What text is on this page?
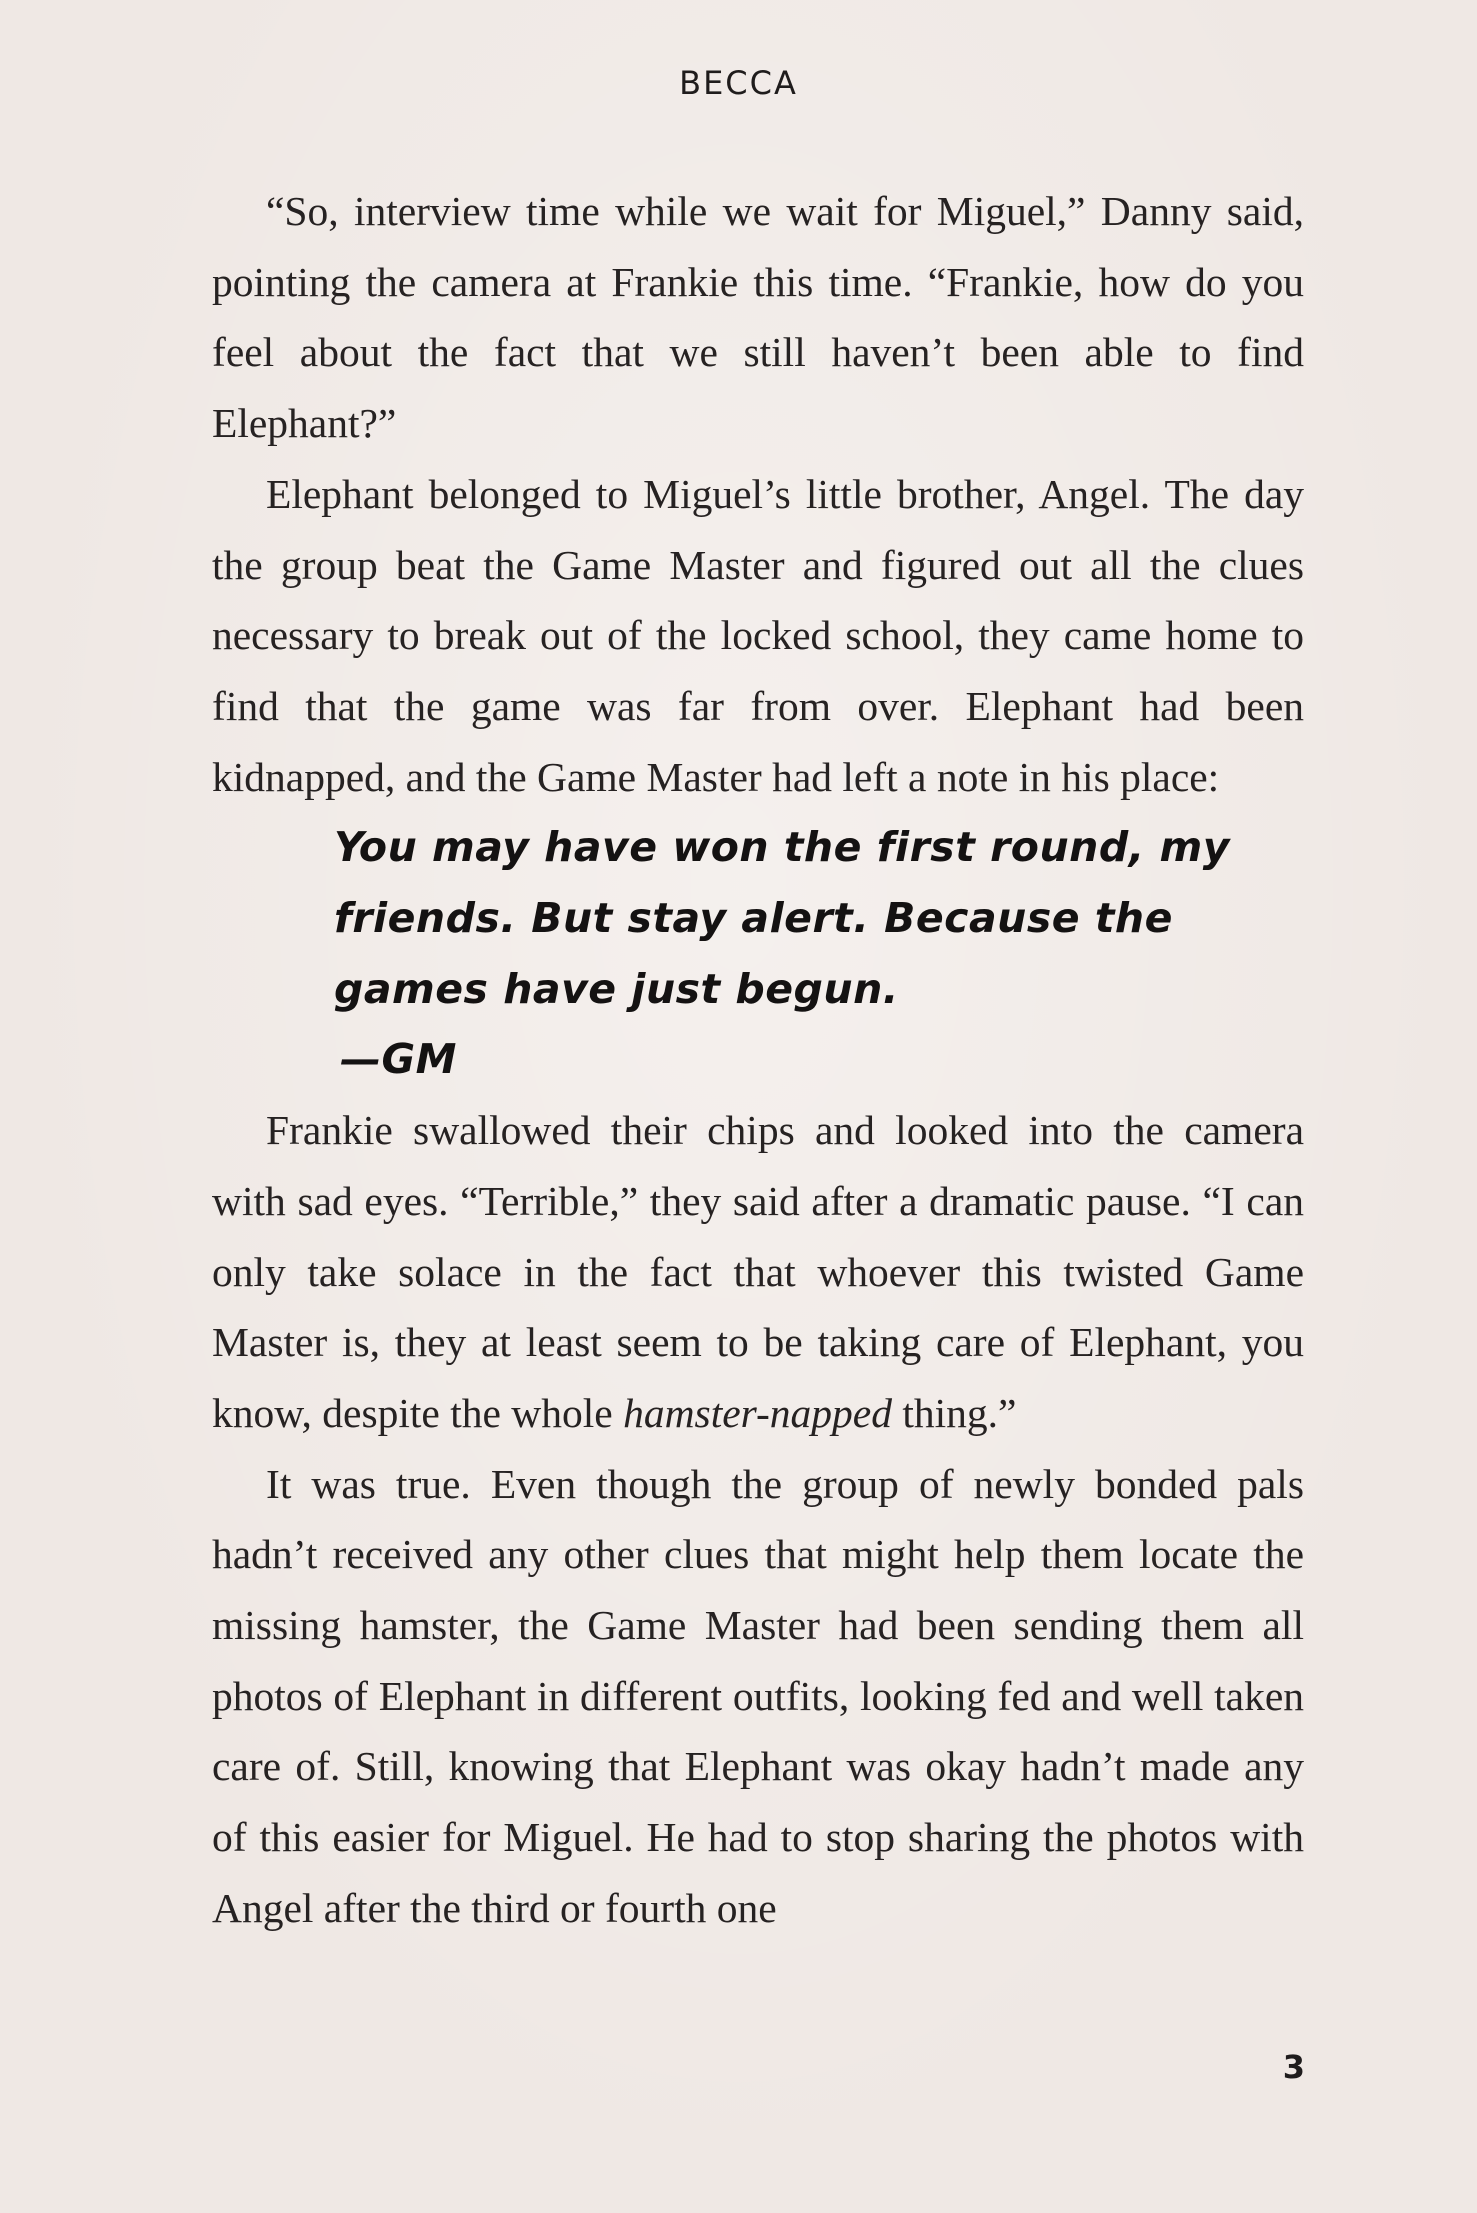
BECCA

“So, interview time while we wait for Miguel,” Danny said, pointing the camera at Frankie this time. “Frankie, how do you feel about the fact that we still haven’t been able to find Elephant?”

Elephant belonged to Miguel’s little brother, Angel. The day the group beat the Game Master and figured out all the clues necessary to break out of the locked school, they came home to find that the game was far from over. Elephant had been kidnapped, and the Game Master had left a note in his place:

You may have won the first round, my friends. But stay alert. Because the games have just begun.
—GM

Frankie swallowed their chips and looked into the camera with sad eyes. “Terrible,” they said after a dramatic pause. “I can only take solace in the fact that whoever this twisted Game Master is, they at least seem to be taking care of Elephant, you know, despite the whole hamster-napped thing.”

It was true. Even though the group of newly bonded pals hadn’t received any other clues that might help them locate the missing hamster, the Game Master had been sending them all photos of Elephant in different outfits, looking fed and well taken care of. Still, knowing that Elephant was okay hadn’t made any of this easier for Miguel. He had to stop sharing the photos with Angel after the third or fourth one

3
